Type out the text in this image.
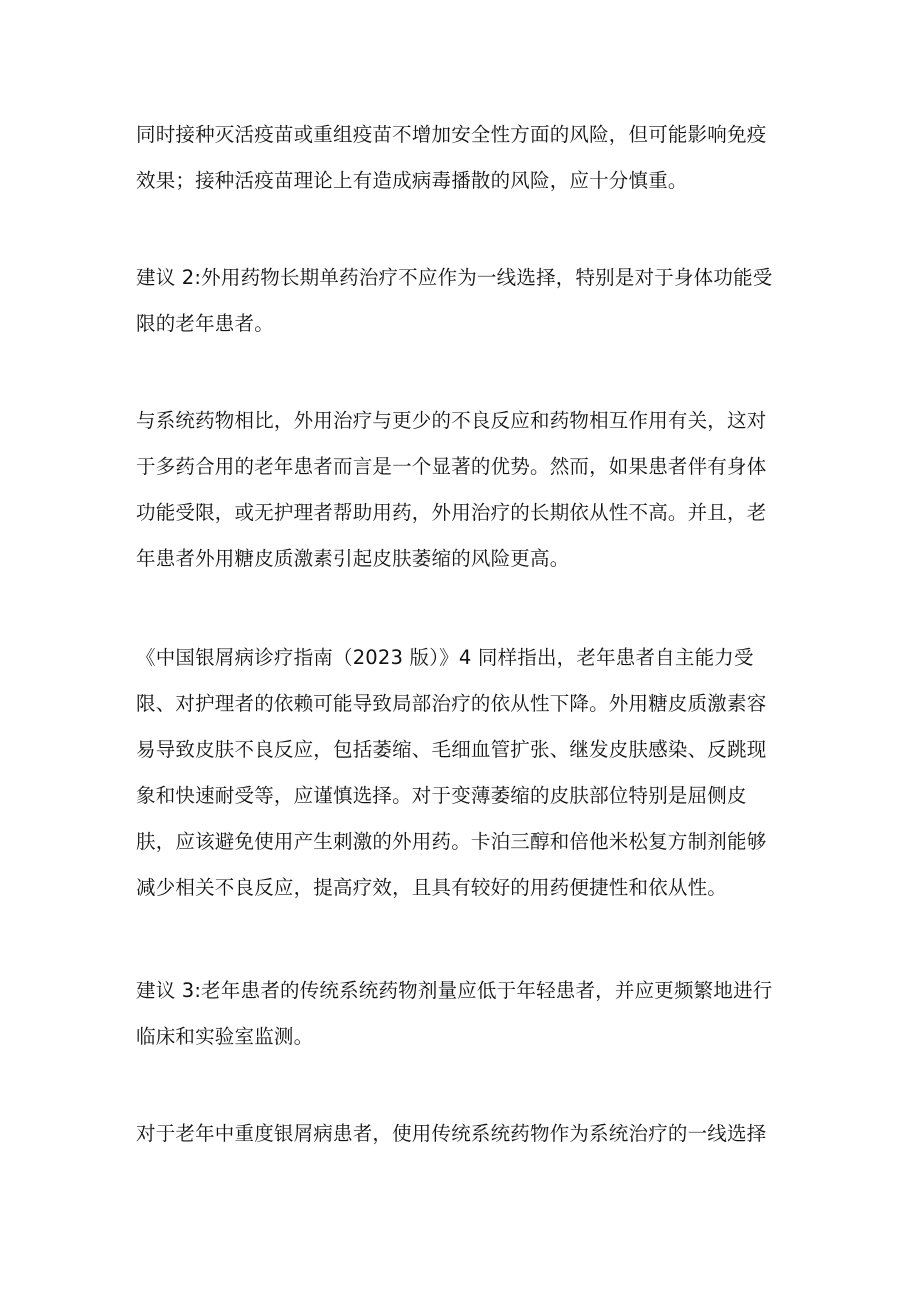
同时接种灭活疫苗或重组疫苗不增加安全性方面的风险，但可能影响免疫
效果；接种活疫苗理论上有造成病毒播散的风险，应十分慎重。
建议 2:外用药物长期单药治疗不应作为一线选择，特别是对于身体功能受
限的老年患者。
与系统药物相比，外用治疗与更少的不良反应和药物相互作用有关，这对
于多药合用的老年患者而言是一个显著的优势。然而，如果患者伴有身体
功能受限，或无护理者帮助用药，外用治疗的长期依从性不高。并且，老
年患者外用糖皮质激素引起皮肤萎缩的风险更高。
《中国银屑病诊疗指南（2023 版）》4 同样指出，老年患者自主能力受
限、对护理者的依赖可能导致局部治疗的依从性下降。外用糖皮质激素容
易导致皮肤不良反应，包括萎缩、毛细血管扩张、继发皮肤感染、反跳现
象和快速耐受等，应谨慎选择。对于变薄萎缩的皮肤部位特别是屈侧皮
肤，应该避免使用产生刺激的外用药。卡泊三醇和倍他米松复方制剂能够
减少相关不良反应，提高疗效，且具有较好的用药便捷性和依从性。
建议 3:老年患者的传统系统药物剂量应低于年轻患者，并应更频繁地进行
临床和实验室监测。
对于老年中重度银屑病患者，使用传统系统药物作为系统治疗的一线选择
